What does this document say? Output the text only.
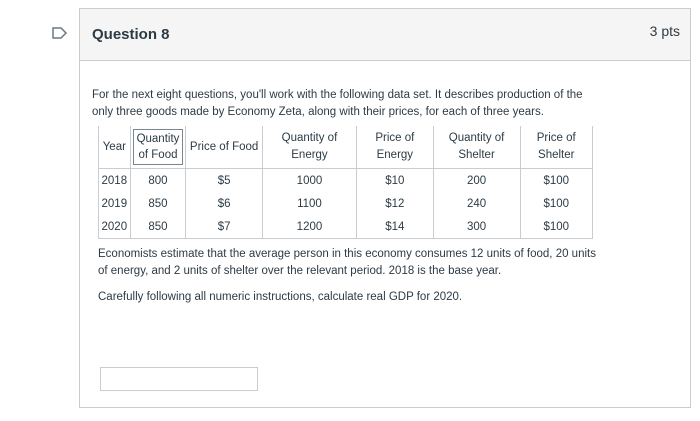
Question 8	3 pts
For the next eight questions, you'll work with the following data set. It describes production of the only three goods made by Economy Zeta, along with their prices, for each of three years.
Year	Quantity of Food	Price of Food	Quantity of Energy	Price of Energy	Quantity of Shelter	Price of Shelter
2018	800	$5	1000	$10	200	$100
2019	850	$6	1100	$12	240	$100
2020	850	$7	1200	$14	300	$100

Economists estimate that the average person in this economy consumes 12 units of food, 20 units of energy, and 2 units of shelter over the relevant period. 2018 is the base year.

Carefully following all numeric instructions, calculate real GDP for 2020.
